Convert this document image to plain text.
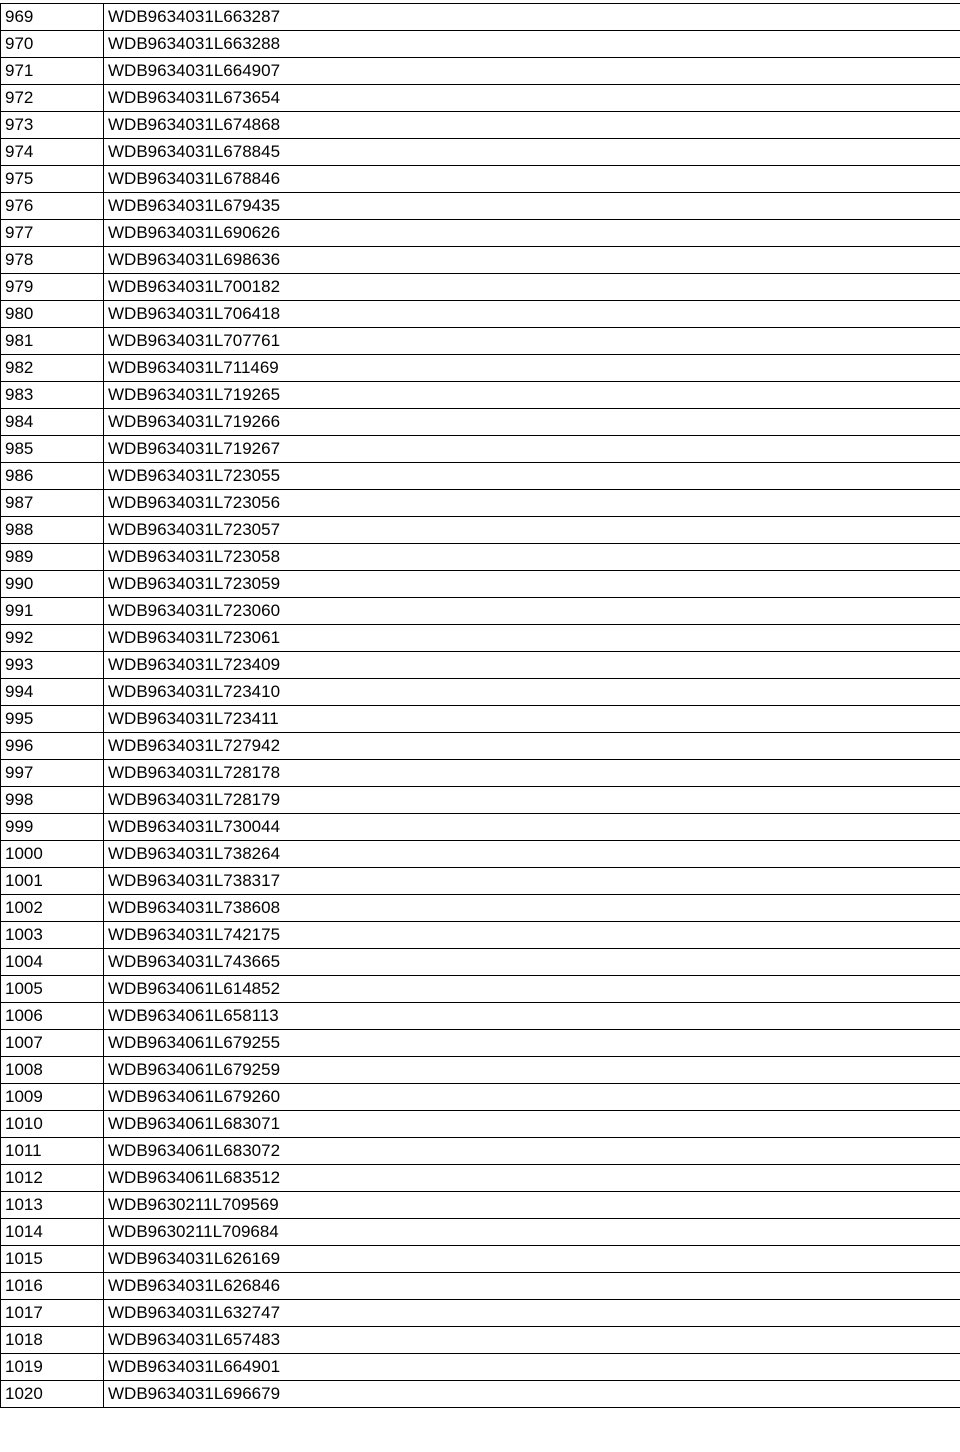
969	WDB9634031L663287
970	WDB9634031L663288
971	WDB9634031L664907
972	WDB9634031L673654
973	WDB9634031L674868
974	WDB9634031L678845
975	WDB9634031L678846
976	WDB9634031L679435
977	WDB9634031L690626
978	WDB9634031L698636
979	WDB9634031L700182
980	WDB9634031L706418
981	WDB9634031L707761
982	WDB9634031L711469
983	WDB9634031L719265
984	WDB9634031L719266
985	WDB9634031L719267
986	WDB9634031L723055
987	WDB9634031L723056
988	WDB9634031L723057
989	WDB9634031L723058
990	WDB9634031L723059
991	WDB9634031L723060
992	WDB9634031L723061
993	WDB9634031L723409
994	WDB9634031L723410
995	WDB9634031L723411
996	WDB9634031L727942
997	WDB9634031L728178
998	WDB9634031L728179
999	WDB9634031L730044
1000	WDB9634031L738264
1001	WDB9634031L738317
1002	WDB9634031L738608
1003	WDB9634031L742175
1004	WDB9634031L743665
1005	WDB9634061L614852
1006	WDB9634061L658113
1007	WDB9634061L679255
1008	WDB9634061L679259
1009	WDB9634061L679260
1010	WDB9634061L683071
1011	WDB9634061L683072
1012	WDB9634061L683512
1013	WDB9630211L709569
1014	WDB9630211L709684
1015	WDB9634031L626169
1016	WDB9634031L626846
1017	WDB9634031L632747
1018	WDB9634031L657483
1019	WDB9634031L664901
1020	WDB9634031L696679
